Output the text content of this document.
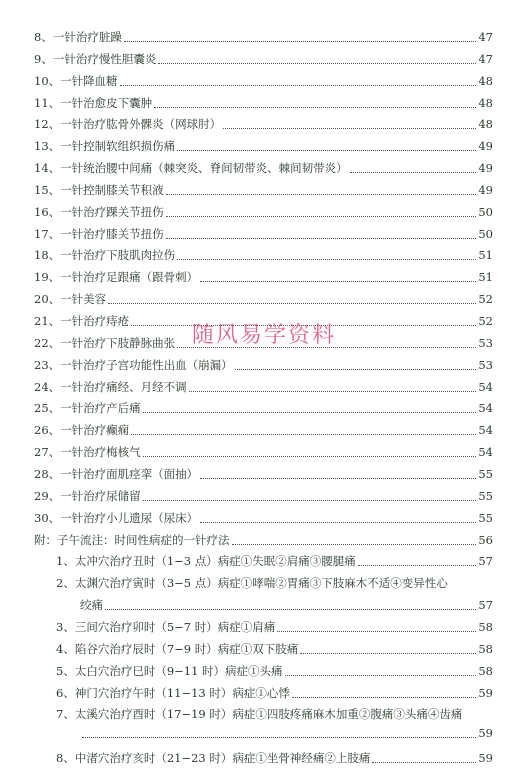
8、一针治疗脏躁	47
9、一针治疗慢性胆囊炎	47
10、一针降血糖	48
11、一针治愈皮下囊肿	48
12、一针治疗肱骨外髁炎（网球肘）	48
13、一针控制软组织损伤痛	49
14、一针统治腰中间痛（棘突炎、脊间韧带炎、棘间韧带炎）	49
15、一针控制膝关节积液	49
16、一针治疗踝关节扭伤	50
17、一针治疗膝关节扭伤	50
18、一针治疗下肢肌肉拉伤	51
19、一针治疗足跟痛（跟骨刺）	51
20、一针美容	52
21、一针治疗痔疮	52
22、一针治疗下肢静脉曲张	53
23、一针治疗子宫功能性出血（崩漏）	53
24、一针治疗痛经、月经不调	54
25、一针治疗产后痛	54
26、一针治疗癫痫	54
27、一针治疗梅核气	54
28、一针治疗面肌痉挛（面抽）	55
29、一针治疗尿储留	55
30、一针治疗小儿遗尿（尿床）	55
附：子午流注：时间性病症的一针疗法	56
1、太冲穴治疗丑时（1−3 点）病症①失眠②肩痛③腰腿痛	57
2、太渊穴治疗寅时（3−5 点）病症①哮喘②胃痛③下肢麻木不适④变异性心
绞痛	57
3、三间穴治疗卯时（5−7 时）病症①肩痛	58
4、陷谷穴治疗辰时（7−9 时）病症①双下肢痛	58
5、太白穴治疗巳时（9−11 时）病症①头痛	58
6、神门穴治疗午时（11−13 时）病症①心悸	59
7、太溪穴治疗酉时（17−19 时）病症①四肢疼痛麻木加重②腹痛③头痛④齿痛
59
8、中渚穴治疗亥时（21−23 时）病症①坐骨神经痛②上肢痛	59
随风易学资料
